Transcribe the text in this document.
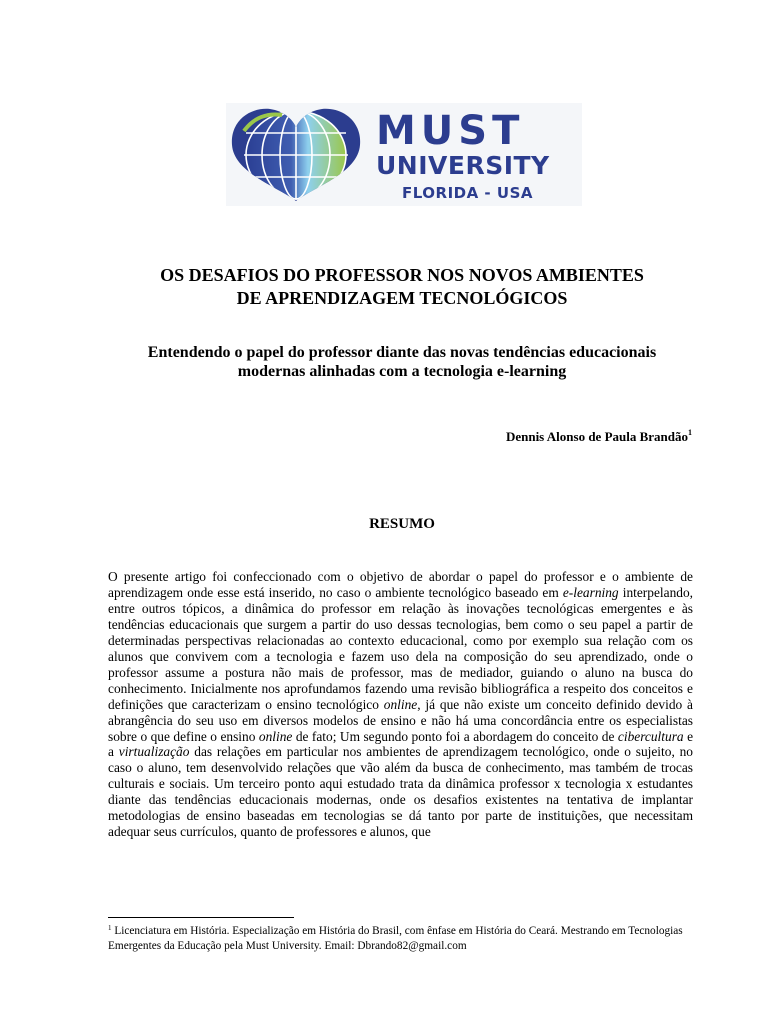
MUST
UNIVERSITY
FLORIDA - USA
OS DESAFIOS DO PROFESSOR NOS NOVOS AMBIENTES
DE APRENDIZAGEM TECNOLÓGICOS
Entendendo o papel do professor diante das novas tendências educacionais
modernas alinhadas com a tecnologia e-learning
Dennis Alonso de Paula Brandão$^1$
RESUMO

O presente artigo foi confeccionado com o objetivo de abordar o papel do professor e o ambiente de aprendizagem onde esse está inserido, no caso o ambiente tecnológico baseado em e-learning interpelando, entre outros tópicos, a dinâmica do professor em relação às inovações tecnológicas emergentes e às tendências educacionais que surgem a partir do uso dessas tecnologias, bem como o seu papel a partir de determinadas perspectivas relacionadas ao contexto educacional, como por exemplo sua relação com os alunos que convivem com a tecnologia e fazem uso dela na composição do seu aprendizado, onde o professor assume a postura não mais de professor, mas de mediador, guiando o aluno na busca do conhecimento. Inicialmente nos aprofundamos fazendo uma revisão bibliográfica a respeito dos conceitos e definições que caracterizam o ensino tecnológico online, já que não existe um conceito definido devido à abrangência do seu uso em diversos modelos de ensino e não há uma concordância entre os especialistas sobre o que define o ensino online de fato; Um segundo ponto foi a abordagem do conceito de cibercultura e a virtualização das relações em particular nos ambientes de aprendizagem tecnológico, onde o sujeito, no caso o aluno, tem desenvolvido relações que vão além da busca de conhecimento, mas também de trocas culturais e sociais. Um terceiro ponto aqui estudado trata da dinâmica professor x tecnologia x estudantes diante das tendências educacionais modernas, onde os desafios existentes na tentativa de implantar metodologias de ensino baseadas em tecnologias se dá tanto por parte de instituições, que necessitam adequar seus currículos, quanto de professores e alunos, que

$^1$ Licenciatura em História. Especialização em História do Brasil, com ênfase em História do Ceará. Mestrando em Tecnologias Emergentes da Educação pela Must University. Email: Dbrando82@gmail.com
